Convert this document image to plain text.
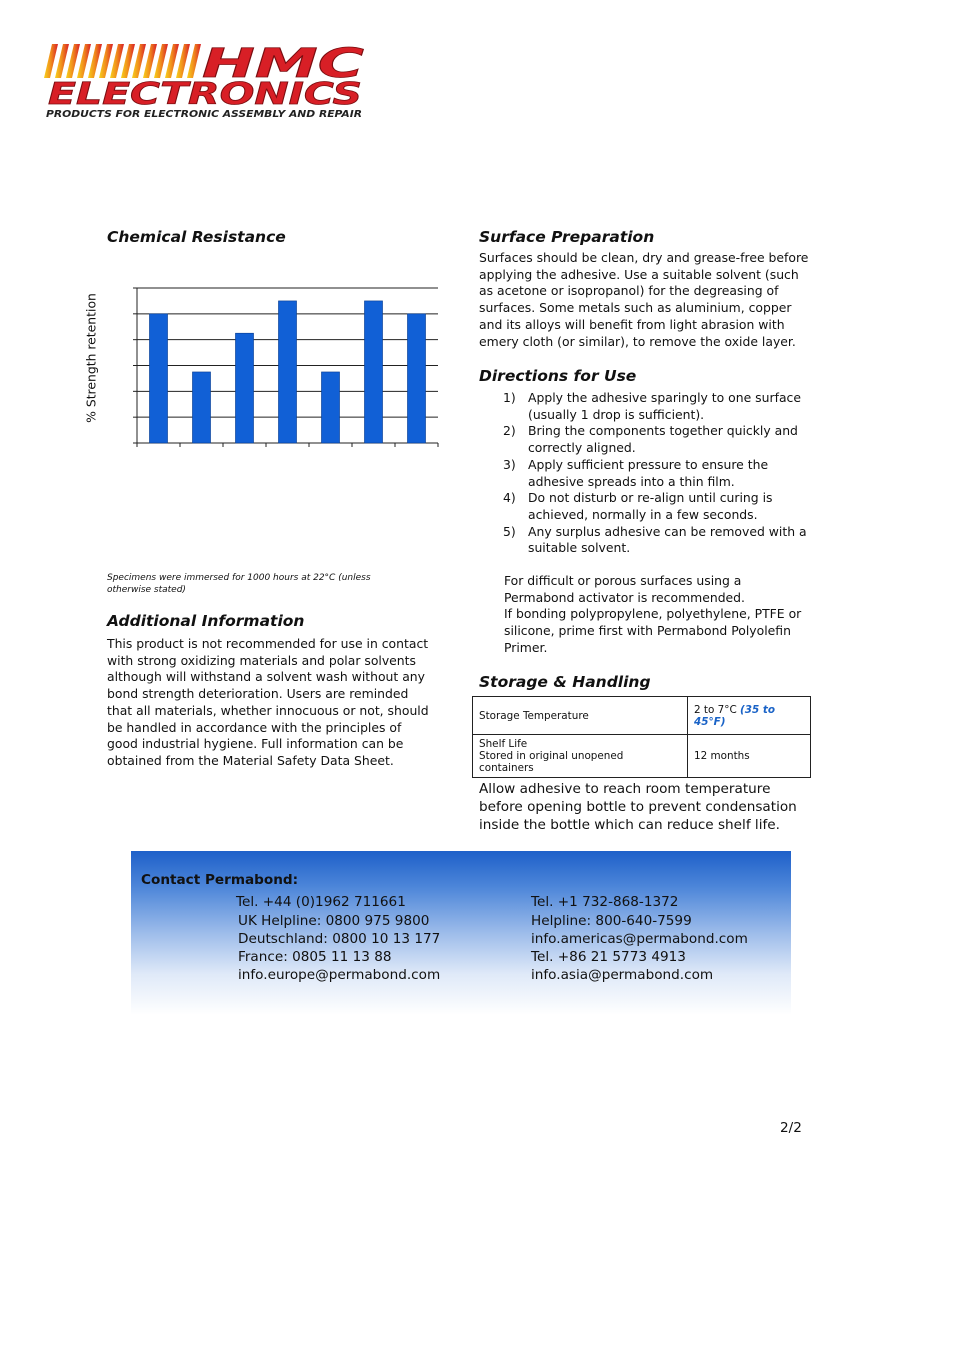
HMC
ELECTRONICS
PRODUCTS FOR ELECTRONIC ASSEMBLY AND REPAIR
Chemical Resistance
% Strength retention
Specimens were immersed for 1000 hours at 22°C (unless otherwise stated)
Additional Information
This product is not recommended for use in contact with strong oxidizing materials and polar solvents although will withstand a solvent wash without any bond strength deterioration. Users are reminded that all materials, whether innocuous or not, should be handled in accordance with the principles of good industrial hygiene. Full information can be obtained from the Material Safety Data Sheet.
Surface Preparation
Surfaces should be clean, dry and grease-free before applying the adhesive. Use a suitable solvent (such as acetone or isopropanol) for the degreasing of surfaces. Some metals such as aluminium, copper and its alloys will benefit from light abrasion with emery cloth (or similar), to remove the oxide layer.
Directions for Use
1) Apply the adhesive sparingly to one surface (usually 1 drop is sufficient).
2) Bring the components together quickly and correctly aligned.
3) Apply sufficient pressure to ensure the adhesive spreads into a thin film.
4) Do not disturb or re-align until curing is achieved, normally in a few seconds.
5) Any surplus adhesive can be removed with a suitable solvent.

For difficult or porous surfaces using a Permabond activator is recommended.

If bonding polypropylene, polyethylene, PTFE or silicone, prime first with Permabond Polyolefin Primer.

Storage & Handling
Storage Temperature	2 to 7°C (35 to 45°F)

Shelf Life
Stored in original unopened containers	12 months
Allow adhesive to reach room temperature before opening bottle to prevent condensation inside the bottle which can reduce shelf life.
Contact Permabond:
Tel. +44 (0)1962 711661
UK Helpline: 0800 975 9800
Deutschland: 0800 10 13 177
France: 0805 11 13 88
info.europe@permabond.com
Tel. +1 732-868-1372
Helpline: 800-640-7599
info.americas@permabond.com
Tel. +86 21 5773 4913
info.asia@permabond.com
2/2
